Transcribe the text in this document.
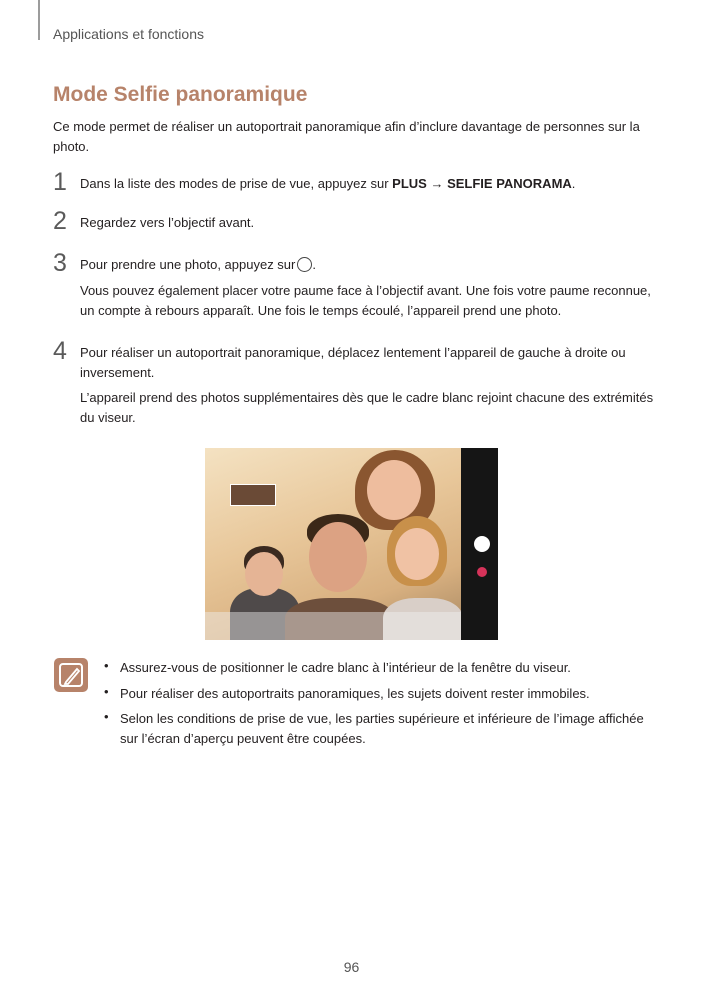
Applications et fonctions
Mode Selfie panoramique
Ce mode permet de réaliser un autoportrait panoramique afin d’inclure davantage de personnes sur la photo.
1 Dans la liste des modes de prise de vue, appuyez sur PLUS → SELFIE PANORAMA.
2 Regardez vers l’objectif avant.
3 Pour prendre une photo, appuyez sur .
Vous pouvez également placer votre paume face à l’objectif avant. Une fois votre paume reconnue, un compte à rebours apparaît. Une fois le temps écoulé, l’appareil prend une photo.
4 Pour réaliser un autoportrait panoramique, déplacez lentement l’appareil de gauche à droite ou inversement.
L’appareil prend des photos supplémentaires dès que le cadre blanc rejoint chacune des extrémités du viseur.
• Assurez-vous de positionner le cadre blanc à l’intérieur de la fenêtre du viseur.
• Pour réaliser des autoportraits panoramiques, les sujets doivent rester immobiles.
• Selon les conditions de prise de vue, les parties supérieure et inférieure de l’image affichée sur l’écran d’aperçu peuvent être coupées.
96
